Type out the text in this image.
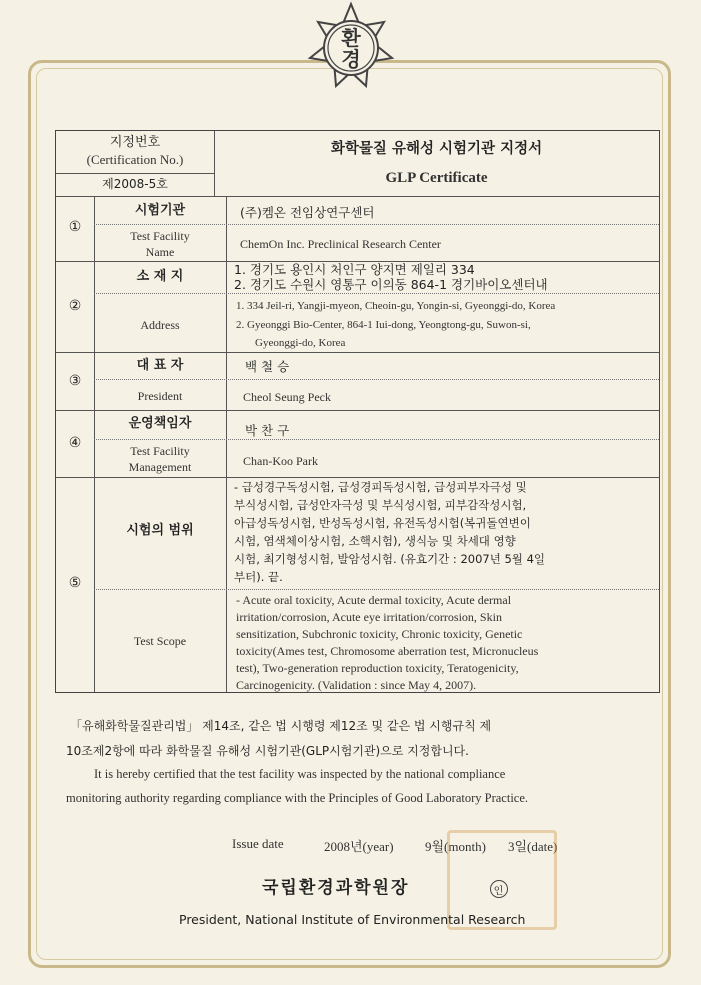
환
경
지정번호
(Certification No.)
제2008-5호
화학물질 유해성 시험기관 지정서
GLP Certificate
①
시험기관
Test Facility
Name
(주)켐온 전임상연구센터
ChemOn Inc. Preclinical Research Center
②
소 재 지
Address
1. 경기도 용인시 처인구 양지면 제일리 334
2. 경기도 수원시 영통구 이의동 864-1 경기바이오센터내
1. 334 Jeil-ri, Yangji-myeon, Cheoin-gu, Yongin-si, Gyeonggi-do, Korea
2. Gyeonggi Bio-Center, 864-1 Iui-dong, Yeongtong-gu, Suwon-si,
Gyeonggi-do, Korea
③
대 표 자
President
백 철 승
Cheol Seung Peck
④
운영책임자
Test Facility
Management
박 찬 구
Chan-Koo Park
⑤
시험의 범위
Test Scope
- 급성경구독성시험, 급성경피독성시험, 급성피부자극성 및
부식성시험, 급성안자극성 및 부식성시험, 피부감작성시험,
아급성독성시험, 반성독성시험, 유전독성시험(복귀돌연변이
시험, 염색체이상시험, 소핵시험), 생식능 및 차세대 영향
시험, 최기형성시험, 발암성시험. (유효기간 : 2007년 5월 4일
부터). 끝.
- Acute oral toxicity, Acute dermal toxicity, Acute dermal
irritation/corrosion, Acute eye irritation/corrosion, Skin
sensitization, Subchronic toxicity, Chronic toxicity, Genetic
toxicity(Ames test, Chromosome aberration test, Micronucleus
test), Two-generation reproduction toxicity, Teratogenicity,
Carcinogenicity. (Validation : since May 4, 2007).
「유해화학물질관리법」 제14조, 같은 법 시행령 제12조 및 같은 법 시행규칙 제
10조제2항에 따라 화학물질 유해성 시험기관(GLP시험기관)으로 지정합니다.
It is hereby certified that the test facility was inspected by the national compliance
monitoring authority regarding compliance with the Principles of Good Laboratory Practice.
Issue date	2008년(year) 9월(month) 3일(date)
국립환경과학원장	인
President, National Institute of Environmental Research
